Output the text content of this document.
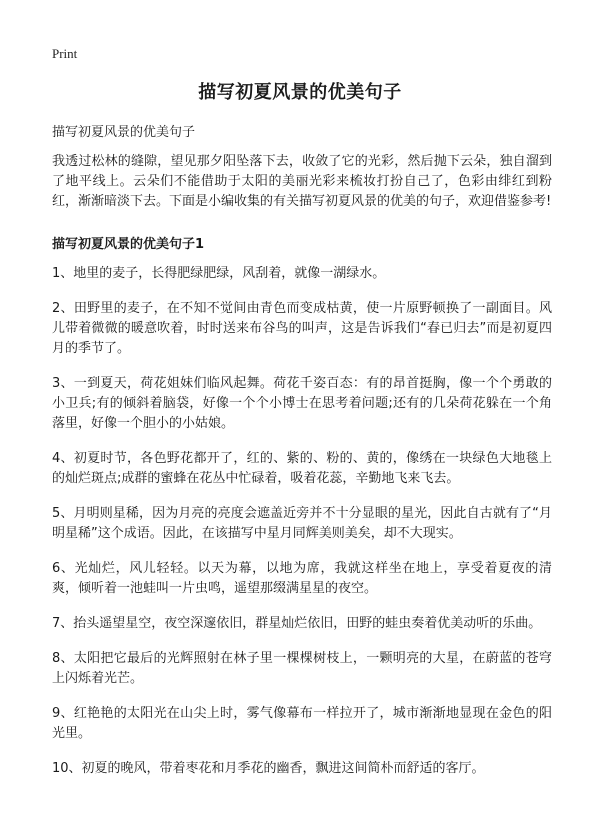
Print
描写初夏风景的优美句子
描写初夏风景的优美句子
我透过松林的缝隙，望见那夕阳坠落下去，收敛了它的光彩，然后抛下云朵，独自溜到了地平线上。云朵们不能借助于太阳的美丽光彩来梳妆打扮自己了，色彩由绯红到粉红，渐渐暗淡下去。下面是小编收集的有关描写初夏风景的优美的句子，欢迎借鉴参考!
描写初夏风景的优美句子1
1、地里的麦子，长得肥绿肥绿，风刮着，就像一湖绿水。
2、田野里的麦子，在不知不觉间由青色而变成枯黄，使一片原野顿换了一副面目。风儿带着微微的暖意吹着，时时送来布谷鸟的叫声，这是告诉我们“春已归去”而是初夏四月的季节了。
3、一到夏天，荷花姐妹们临风起舞。荷花千姿百态：有的昂首挺胸，像一个个勇敢的小卫兵;有的倾斜着脑袋，好像一个个小博士在思考着问题;还有的几朵荷花躲在一个角落里，好像一个胆小的小姑娘。
4、初夏时节，各色野花都开了，红的、紫的、粉的、黄的，像绣在一块绿色大地毯上的灿烂斑点;成群的蜜蜂在花丛中忙碌着，吸着花蕊，辛勤地飞来飞去。
5、月明则星稀，因为月亮的亮度会遮盖近旁并不十分显眼的星光，因此自古就有了“月明星稀”这个成语。因此，在该描写中星月同辉美则美矣，却不大现实。
6、光灿烂，风儿轻轻。以天为幕，以地为席，我就这样坐在地上，享受着夏夜的清爽，倾听着一池蛙叫一片虫鸣，遥望那缀满星星的夜空。
7、抬头遥望星空，夜空深邃依旧，群星灿烂依旧，田野的蛙虫奏着优美动听的乐曲。
8、太阳把它最后的光辉照射在林子里一棵棵树枝上，一颗明亮的大星，在蔚蓝的苍穹上闪烁着光芒。
9、红艳艳的太阳光在山尖上时，雾气像幕布一样拉开了，城市渐渐地显现在金色的阳光里。
10、初夏的晚风，带着枣花和月季花的幽香，飘进这间简朴而舒适的客厅。
